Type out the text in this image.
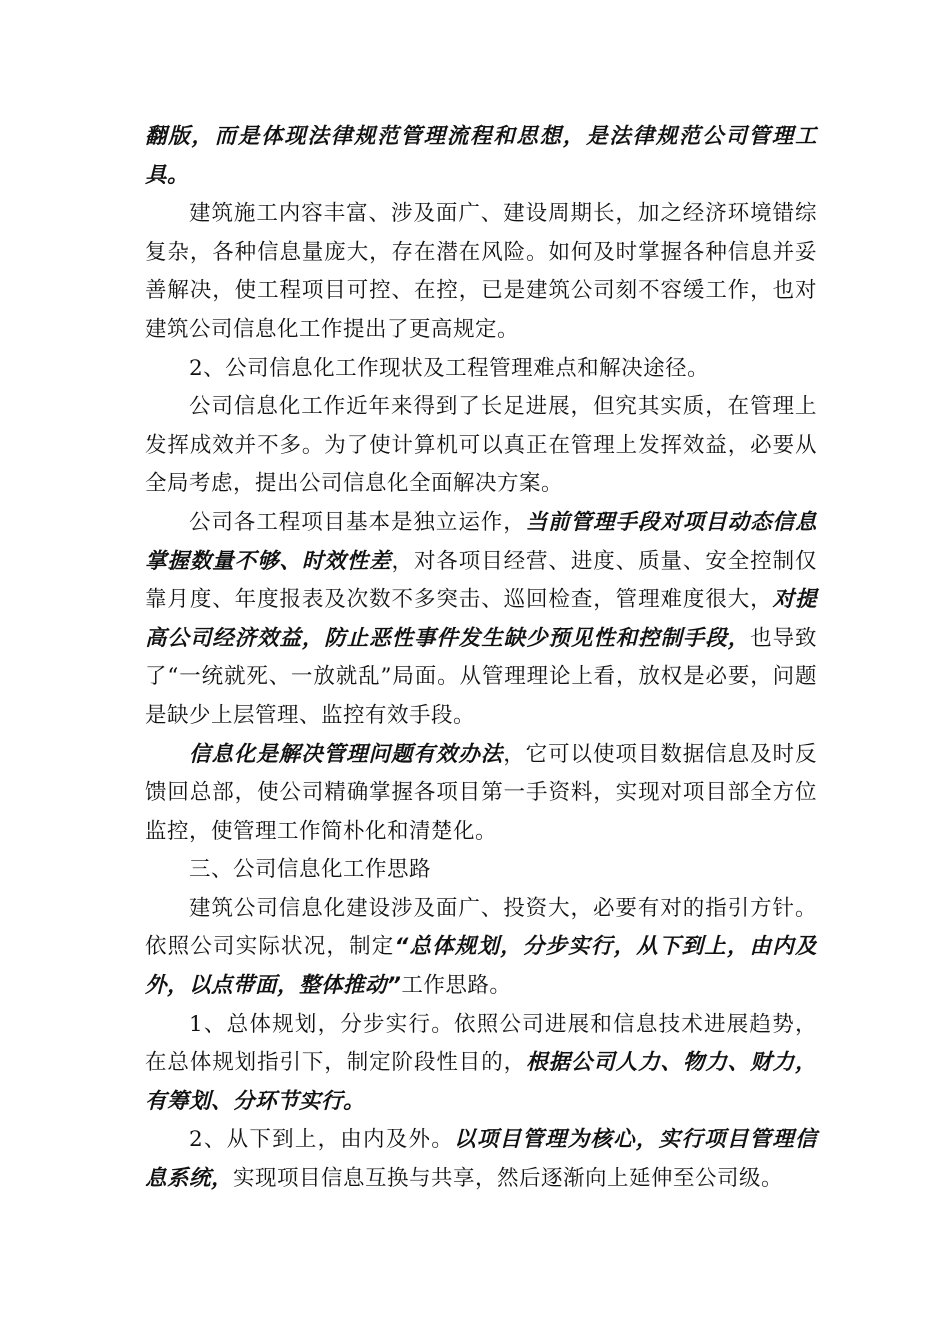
翻版，而是体现法律规范管理流程和思想，是法律规范公司管理工具。

建筑施工内容丰富、涉及面广、建设周期长，加之经济环境错综复杂，各种信息量庞大，存在潜在风险。如何及时掌握各种信息并妥善解决，使工程项目可控、在控，已是建筑公司刻不容缓工作，也对建筑公司信息化工作提出了更高规定。

2、公司信息化工作现状及工程管理难点和解决途径。

公司信息化工作近年来得到了长足进展，但究其实质，在管理上发挥成效并不多。为了使计算机可以真正在管理上发挥效益，必要从全局考虑，提出公司信息化全面解决方案。

公司各工程项目基本是独立运作，当前管理手段对项目动态信息掌握数量不够、时效性差，对各项目经营、进度、质量、安全控制仅靠月度、年度报表及次数不多突击、巡回检查，管理难度很大，对提高公司经济效益，防止恶性事件发生缺少预见性和控制手段，也导致了“一统就死、一放就乱”局面。从管理理论上看，放权是必要，问题是缺少上层管理、监控有效手段。

信息化是解决管理问题有效办法，它可以使项目数据信息及时反馈回总部，使公司精确掌握各项目第一手资料，实现对项目部全方位监控，使管理工作简朴化和清楚化。

三、公司信息化工作思路

建筑公司信息化建设涉及面广、投资大，必要有对的指引方针。依照公司实际状况，制定“总体规划，分步实行，从下到上，由内及外，以点带面，整体推动”工作思路。

1、总体规划，分步实行。依照公司进展和信息技术进展趋势，在总体规划指引下，制定阶段性目的，根据公司人力、物力、财力，有筹划、分环节实行。

2、从下到上，由内及外。以项目管理为核心，实行项目管理信息系统，实现项目信息互换与共享，然后逐渐向上延伸至公司级。
